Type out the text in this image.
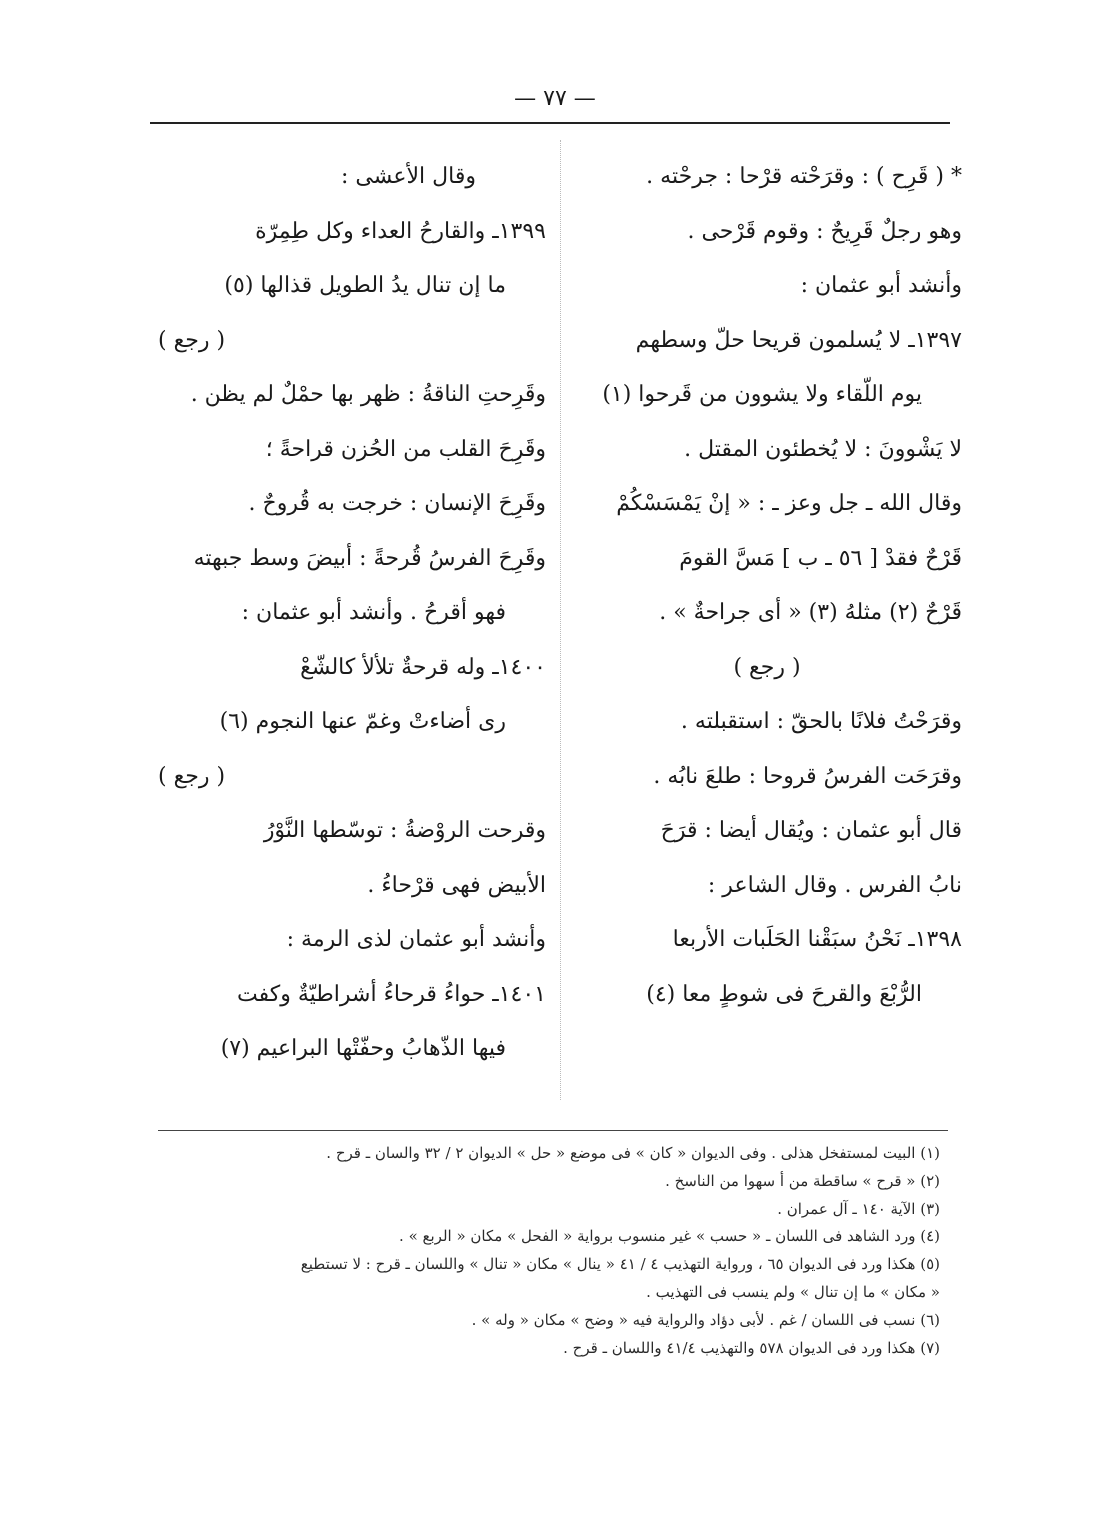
— ٧٧ —
* ( قَرِح ) : وقرَحْته قرْحا : جرحْته .
وهو رجلٌ قَرِيحٌ : وقوم قَرْحى .
وأنشد أبو عثمان :
١٣٩٧ـ لا يُسلمون قريحا حلّ وسطهم
يوم اللّقاء ولا يشوون من قَرحوا (١)
لا يَشْوونَ : لا يُخطئون المقتل .
وقال الله ـ جل وعز ـ : « إنْ يَمْسَسْكُمْ
قَرْحٌ فقدْ [ ٥٦ ـ ب ] مَسَّ القومَ
قَرْحٌ (٢) مثلهُ (٣) « أى جراحةٌ » .
( رجع )
وقرَحْتُ فلانًا بالحقّ : استقبلته .
وقرَحَت الفرسُ قروحا : طلعَ نابُه .
قال أبو عثمان : ويُقال أيضا : قرَحَ
نابُ الفرس . وقال الشاعر :
١٣٩٨ـ نَحْنُ سبَقْنا الحَلَبات الأربعا
الرُّبْعَ والقرحَ فى شوطٍ معا (٤)
وقال الأعشى :
١٣٩٩ـ والقارحُ العداء وكل طِمِرّة
ما إن تنال يدُ الطويل قذالها (٥)
( رجع )
وقَرِحتِ الناقةُ : ظهر بها حمْلٌ لم يظن .
وقَرِحَ القلب من الحُزن قراحةً ؛
وقَرِحَ الإنسان : خرجت به قُروحٌ .
وقَرِحَ الفرسُ قُرحةً : أبيضَ وسط جبهته
فهو أقرحُ . وأنشد أبو عثمان :
١٤٠٠ـ وله قرحةٌ تلألأ كالشّعْ
رى أضاءتْ وغمّ عنها النجوم (٦)
( رجع )
وقرحت الروْضةُ : توسّطها النَّوْرُ
الأبيض فهى قرْحاءُ .
وأنشد أبو عثمان لذى الرمة :
١٤٠١ـ حواءُ قرحاءُ أشراطيّةٌ وكفت
فيها الذّهابُ وحفّتْها البراعيم (٧)
(١) البيت لمستفخل هذلى . وفى الديوان « كان » فى موضع « حل » الديوان ٢ / ٣٢ والسان ـ قرح .
(٢) « قرح » ساقطة من أ سهوا من الناسخ .
(٣) الآية ١٤٠ ـ آل عمران .
(٤) ورد الشاهد فى اللسان ـ « حسب » غير منسوب برواية « الفحل » مكان « الربع » .
(٥) هكذا ورد فى الديوان ٦٥ ، ورواية التهذيب ٤ / ٤١ « ينال » مكان « تنال » واللسان ـ قرح : لا تستطيع
« مكان » ما إن تنال » ولم ينسب فى التهذيب .
(٦) نسب فى اللسان / غم . لأبى دؤاد والرواية فيه « وضح » مكان « وله » .
(٧) هكذا ورد فى الديوان ٥٧٨ والتهذيب ٤١/٤ واللسان ـ قرح .
